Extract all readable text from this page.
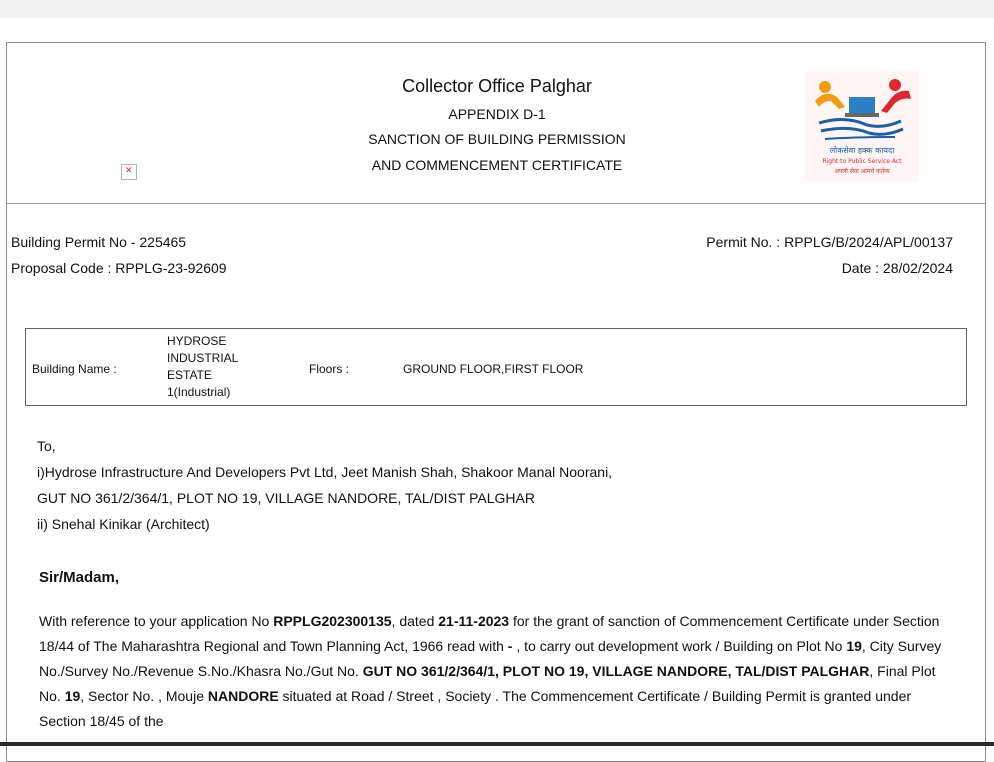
Collector Office Palghar
APPENDIX D-1
SANCTION OF BUILDING PERMISSION
AND COMMENCEMENT CERTIFICATE
✕
लोकसेवा हक्क कायदा
Right to Public Service Act
अपली सेवा आमचे कर्तव्य
Building Permit No - 225465
Proposal Code : RPPLG-23-92609
Permit No. : RPPLG/B/2024/APL/00137
Date : 28/02/2024
Building Name :
HYDROSE
INDUSTRIAL
ESTATE
1(Industrial)
Floors :	GROUND FLOOR,FIRST FLOOR
To,
i)Hydrose Infrastructure And Developers Pvt Ltd, Jeet Manish Shah, Shakoor Manal Noorani,
GUT NO 361/2/364/1, PLOT NO 19, VILLAGE NANDORE, TAL/DIST PALGHAR
ii) Snehal Kinikar (Architect)
Sir/Madam,
With reference to your application No RPPLG202300135, dated 21-11-2023 for the grant of sanction of Commencement Certificate under Section 18/44 of The Maharashtra Regional and Town Planning Act, 1966 read with - , to carry out development work / Building on Plot No 19, City Survey No./Survey No./Revenue S.No./Khasra No./Gut No. GUT NO 361/2/364/1, PLOT NO 19, VILLAGE NANDORE, TAL/DIST PALGHAR, Final Plot No. 19, Sector No. , Mouje NANDORE situated at Road / Street , Society . The Commencement Certificate / Building Permit is granted under Section 18/45 of the
